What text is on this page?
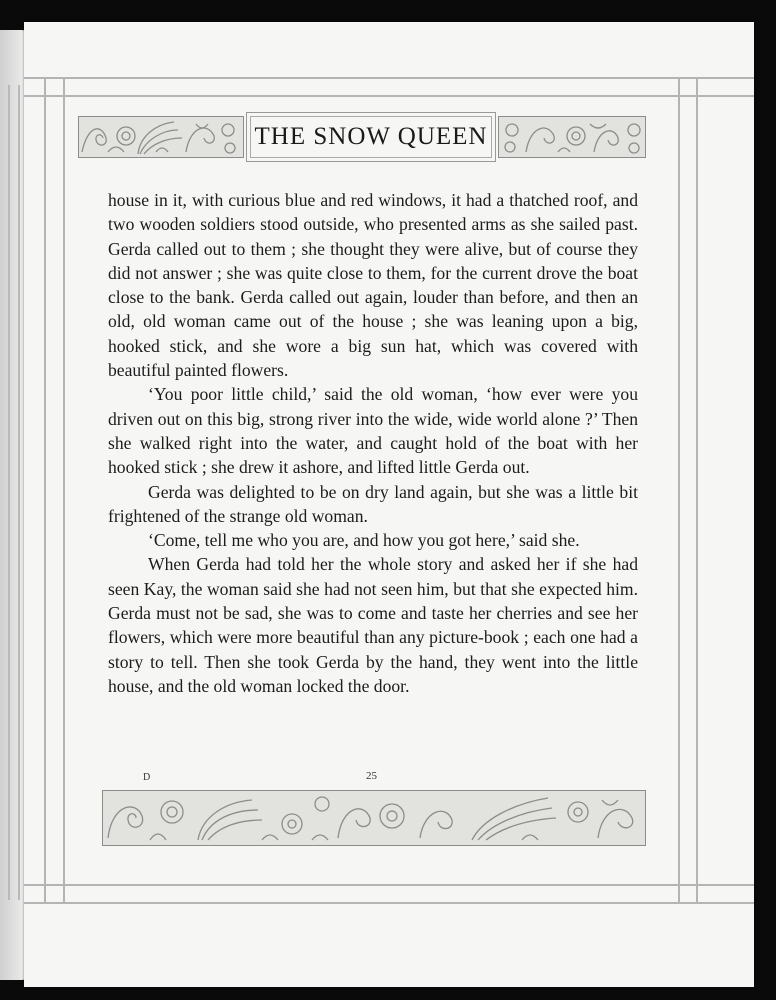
THE SNOW QUEEN

house in it, with curious blue and red windows, it had a thatched roof, and two wooden soldiers stood outside, who presented arms as she sailed past. Gerda called out to them ; she thought they were alive, but of course they did not answer ; she was quite close to them, for the current drove the boat close to the bank. Gerda called out again, louder than before, and then an old, old woman came out of the house ; she was leaning upon a big, hooked stick, and she wore a big sun hat, which was covered with beautiful painted flowers.

‘You poor little child,’ said the old woman, ‘how ever were you driven out on this big, strong river into the wide, wide world alone ?’ Then she walked right into the water, and caught hold of the boat with her hooked stick ; she drew it ashore, and lifted little Gerda out.

Gerda was delighted to be on dry land again, but she was a little bit frightened of the strange old woman.

‘Come, tell me who you are, and how you got here,’ said she.

When Gerda had told her the whole story and asked her if she had seen Kay, the woman said she had not seen him, but that she expected him. Gerda must not be sad, she was to come and taste her cherries and see her flowers, which were more beautiful than any picture-book ; each one had a story to tell. Then she took Gerda by the hand, they went into the little house, and the old woman locked the door.

D	25
